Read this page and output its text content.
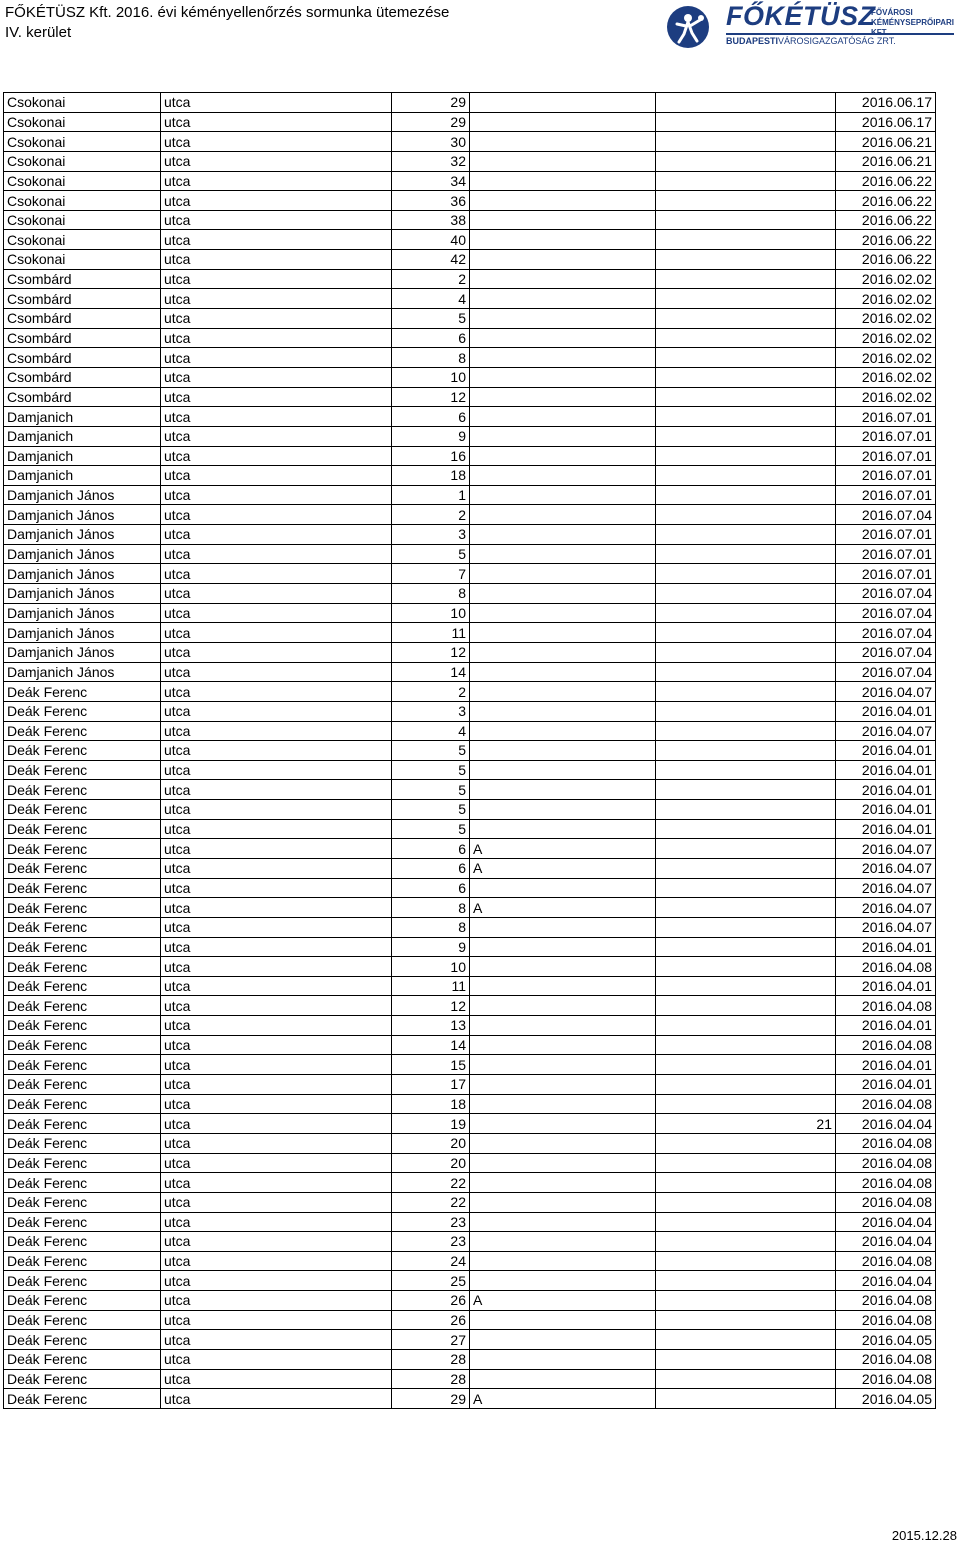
FŐKÉTÜSZ Kft. 2016. évi kéményellenőrzés sormunka ütemezése
IV. kerület
FŐKÉTÜSZ
FŐVÁROSI
KÉMÉNYSEPRŐIPARI
BUDAPESTIVÁROSIGAZGATÓSÁG ZRT.
Csokonai	utca	29			2016.06.17
Csokonai	utca	29			2016.06.17
Csokonai	utca	30			2016.06.21
Csokonai	utca	32			2016.06.21
Csokonai	utca	34			2016.06.22
Csokonai	utca	36			2016.06.22
Csokonai	utca	38			2016.06.22
Csokonai	utca	40			2016.06.22
Csokonai	utca	42			2016.06.22
Csombárd	utca	2			2016.02.02
Csombárd	utca	4			2016.02.02
Csombárd	utca	5			2016.02.02
Csombárd	utca	6			2016.02.02
Csombárd	utca	8			2016.02.02
Csombárd	utca	10			2016.02.02
Csombárd	utca	12			2016.02.02
Damjanich	utca	6			2016.07.01
Damjanich	utca	9			2016.07.01
Damjanich	utca	16			2016.07.01
Damjanich	utca	18			2016.07.01
Damjanich János	utca	1			2016.07.01
Damjanich János	utca	2			2016.07.04
Damjanich János	utca	3			2016.07.01
Damjanich János	utca	5			2016.07.01
Damjanich János	utca	7			2016.07.01
Damjanich János	utca	8			2016.07.04
Damjanich János	utca	10			2016.07.04
Damjanich János	utca	11			2016.07.04
Damjanich János	utca	12			2016.07.04
Damjanich János	utca	14			2016.07.04
Deák Ferenc	utca	2			2016.04.07
Deák Ferenc	utca	3			2016.04.01
Deák Ferenc	utca	4			2016.04.07
Deák Ferenc	utca	5			2016.04.01
Deák Ferenc	utca	5			2016.04.01
Deák Ferenc	utca	5			2016.04.01
Deák Ferenc	utca	5			2016.04.01
Deák Ferenc	utca	5			2016.04.01
Deák Ferenc	utca	6	A		2016.04.07
Deák Ferenc	utca	6	A		2016.04.07
Deák Ferenc	utca	6			2016.04.07
Deák Ferenc	utca	8	A		2016.04.07
Deák Ferenc	utca	8			2016.04.07
Deák Ferenc	utca	9			2016.04.01
Deák Ferenc	utca	10			2016.04.08
Deák Ferenc	utca	11			2016.04.01
Deák Ferenc	utca	12			2016.04.08
Deák Ferenc	utca	13			2016.04.01
Deák Ferenc	utca	14			2016.04.08
Deák Ferenc	utca	15			2016.04.01
Deák Ferenc	utca	17			2016.04.01
Deák Ferenc	utca	18			2016.04.08
Deák Ferenc	utca	19		21	2016.04.04
Deák Ferenc	utca	20			2016.04.08
Deák Ferenc	utca	20			2016.04.08
Deák Ferenc	utca	22			2016.04.08
Deák Ferenc	utca	22			2016.04.08
Deák Ferenc	utca	23			2016.04.04
Deák Ferenc	utca	23			2016.04.04
Deák Ferenc	utca	24			2016.04.08
Deák Ferenc	utca	25			2016.04.04
Deák Ferenc	utca	26	A		2016.04.08
Deák Ferenc	utca	26			2016.04.08
Deák Ferenc	utca	27			2016.04.05
Deák Ferenc	utca	28			2016.04.08
Deák Ferenc	utca	28			2016.04.08
Deák Ferenc	utca	29	A		2016.04.05
2015.12.28
